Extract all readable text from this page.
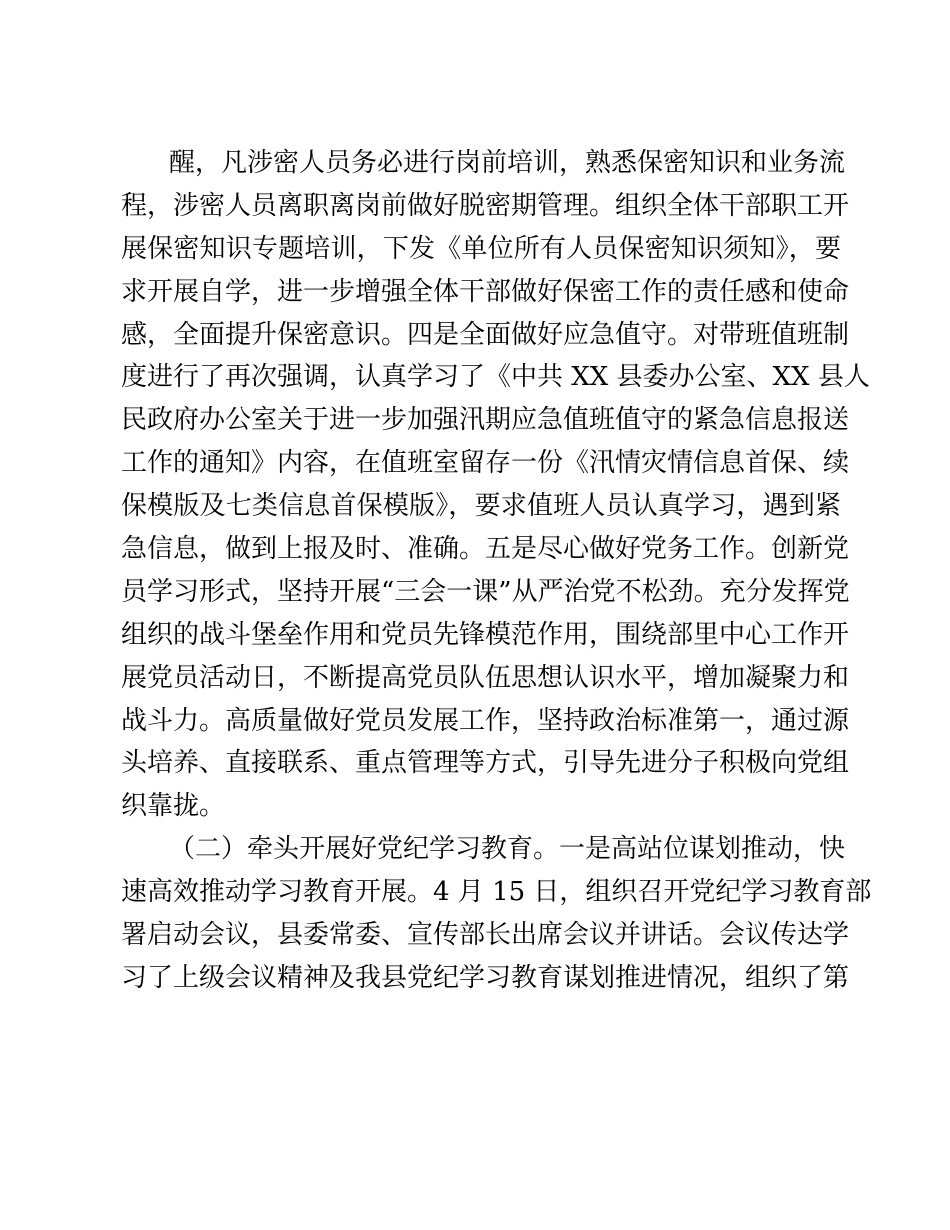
醒，凡涉密人员务必进行岗前培训，熟悉保密知识和业务流
程，涉密人员离职离岗前做好脱密期管理。组织全体干部职工开
展保密知识专题培训，下发《单位所有人员保密知识须知》，要
求开展自学，进一步增强全体干部做好保密工作的责任感和使命
感，全面提升保密意识。四是全面做好应急值守。对带班值班制
度进行了再次强调，认真学习了《中共 XX 县委办公室、XX 县人
民政府办公室关于进一步加强汛期应急值班值守的紧急信息报送
工作的通知》内容，在值班室留存一份《汛情灾情信息首保、续
保模版及七类信息首保模版》，要求值班人员认真学习，遇到紧
急信息，做到上报及时、准确。五是尽心做好党务工作。创新党
员学习形式，坚持开展“三会一课”从严治党不松劲。充分发挥党
组织的战斗堡垒作用和党员先锋模范作用，围绕部里中心工作开
展党员活动日，不断提高党员队伍思想认识水平，增加凝聚力和
战斗力。高质量做好党员发展工作，坚持政治标准第一，通过源
头培养、直接联系、重点管理等方式，引导先进分子积极向党组
织靠拢。
（二）牵头开展好党纪学习教育。一是高站位谋划推动，快
速高效推动学习教育开展。4 月 15 日，组织召开党纪学习教育部
署启动会议，县委常委、宣传部长出席会议并讲话。会议传达学
习了上级会议精神及我县党纪学习教育谋划推进情况，组织了第
